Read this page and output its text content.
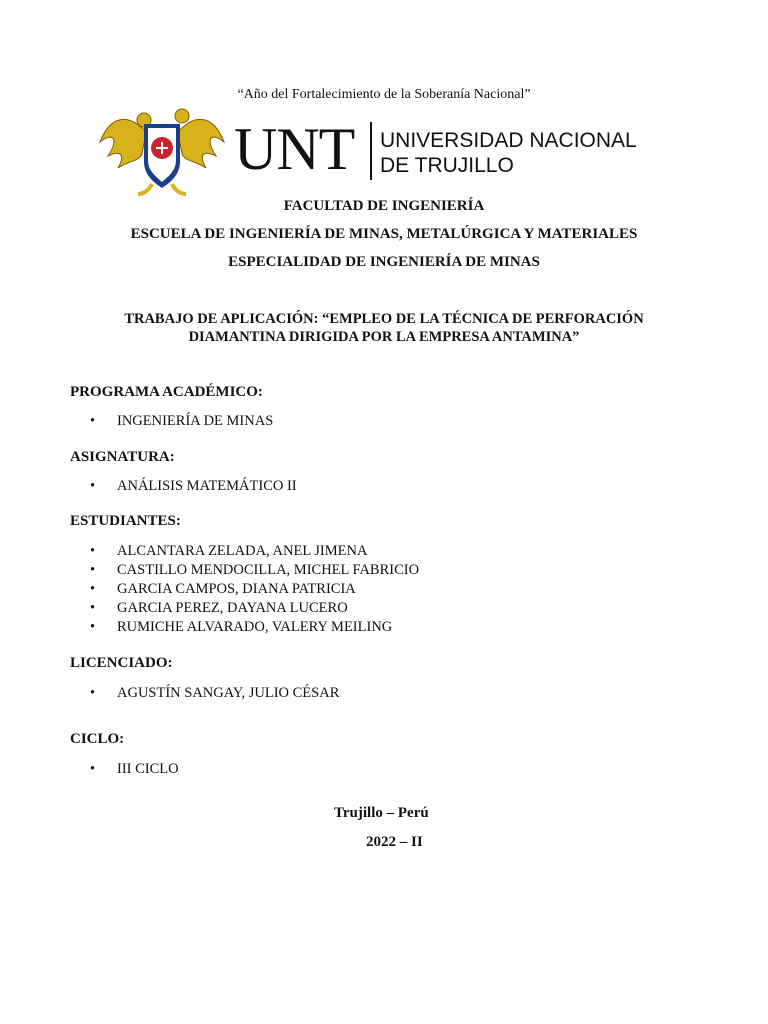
“Año del Fortalecimiento de la Soberanía Nacional”
UNT UNIVERSIDAD NACIONAL
DE TRUJILLO
FACULTAD DE INGENIERÍA
ESCUELA DE INGENIERÍA DE MINAS, METALÚRGICA Y MATERIALES
ESPECIALIDAD DE INGENIERÍA DE MINAS
TRABAJO DE APLICACIÓN: “EMPLEO DE LA TÉCNICA DE PERFORACIÓN
DIAMANTINA DIRIGIDA POR LA EMPRESA ANTAMINA”
PROGRAMA ACADÉMICO:
• INGENIERÍA DE MINAS
ASIGNATURA:
• ANÁLISIS MATEMÁTICO II
ESTUDIANTES:
• ALCANTARA ZELADA, ANEL JIMENA
• CASTILLO MENDOCILLA, MICHEL FABRICIO
• GARCIA CAMPOS, DIANA PATRICIA
• GARCIA PEREZ, DAYANA LUCERO
• RUMICHE ALVARADO, VALERY MEILING
LICENCIADO:
• AGUSTÍN SANGAY, JULIO CÉSAR
CICLO:
• III CICLO
Trujillo – Perú
2022 – II
